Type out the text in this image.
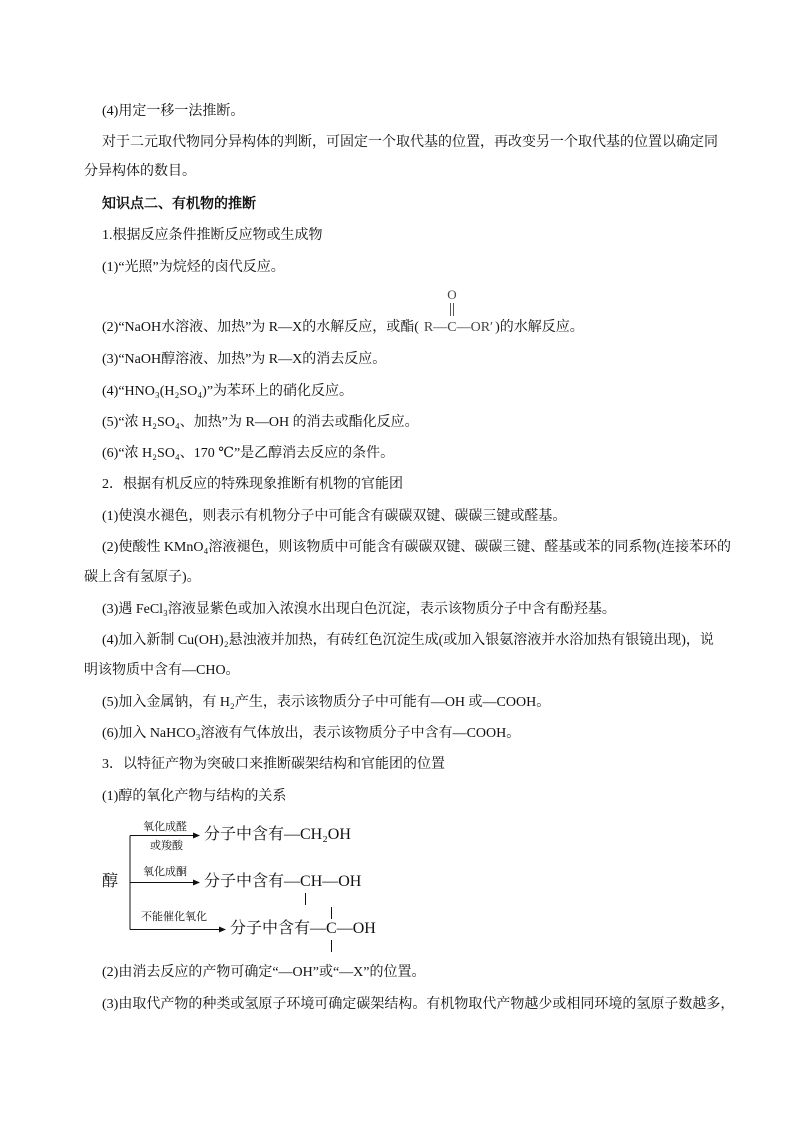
(4)用定一移一法推断。
对于二元取代物同分异构体的判断，可固定一个取代基的位置，再改变另一个取代基的位置以确定同
分异构体的数目。
知识点二、有机物的推断
1.根据反应条件推断反应物或生成物
(1)“光照”为烷烃的卤代反应。
(2)“NaOH水溶液、加热”为 R—X的水解反应，或酯( R—
O
C—OR′ )的水解反应。
(3)“NaOH醇溶液、加热”为 R—X的消去反应。
(4)“HNO₃(H₂SO₄)”为苯环上的硝化反应。
(5)“浓 H₂SO₄、加热”为 R—OH 的消去或酯化反应。
(6)“浓 H₂SO₄、170 ℃”是乙醇消去反应的条件。
2．根据有机反应的特殊现象推断有机物的官能团
(1)使溴水褪色，则表示有机物分子中可能含有碳碳双键、碳碳三键或醛基。
(2)使酸性 KMnO₄溶液褪色，则该物质中可能含有碳碳双键、碳碳三键、醛基或苯的同系物(连接苯环的
碳上含有氢原子)。
(3)遇 FeCl₃溶液显紫色或加入浓溴水出现白色沉淀，表示该物质分子中含有酚羟基。
(4)加入新制 Cu(OH)₂悬浊液并加热，有砖红色沉淀生成(或加入银氨溶液并水浴加热有银镜出现)，说
明该物质中含有—CHO。
(5)加入金属钠，有 H₂产生，表示该物质分子中可能有—OH 或—COOH。
(6)加入 NaHCO₃溶液有气体放出，表示该物质分子中含有—COOH。
3．以特征产物为突破口来推断碳架结构和官能团的位置
(1)醇的氧化产物与结构的关系
醇
氧化成醛
或羧酸
分子中含有—CH₂OH
氧化成酮
分子中含有—
CH—OH
不能催化氧化
分子中含有—
C—OH
(2)由消去反应的产物可确定“—OH”或“—X”的位置。
(3)由取代产物的种类或氢原子环境可确定碳架结构。有机物取代产物越少或相同环境的氢原子数越多，
